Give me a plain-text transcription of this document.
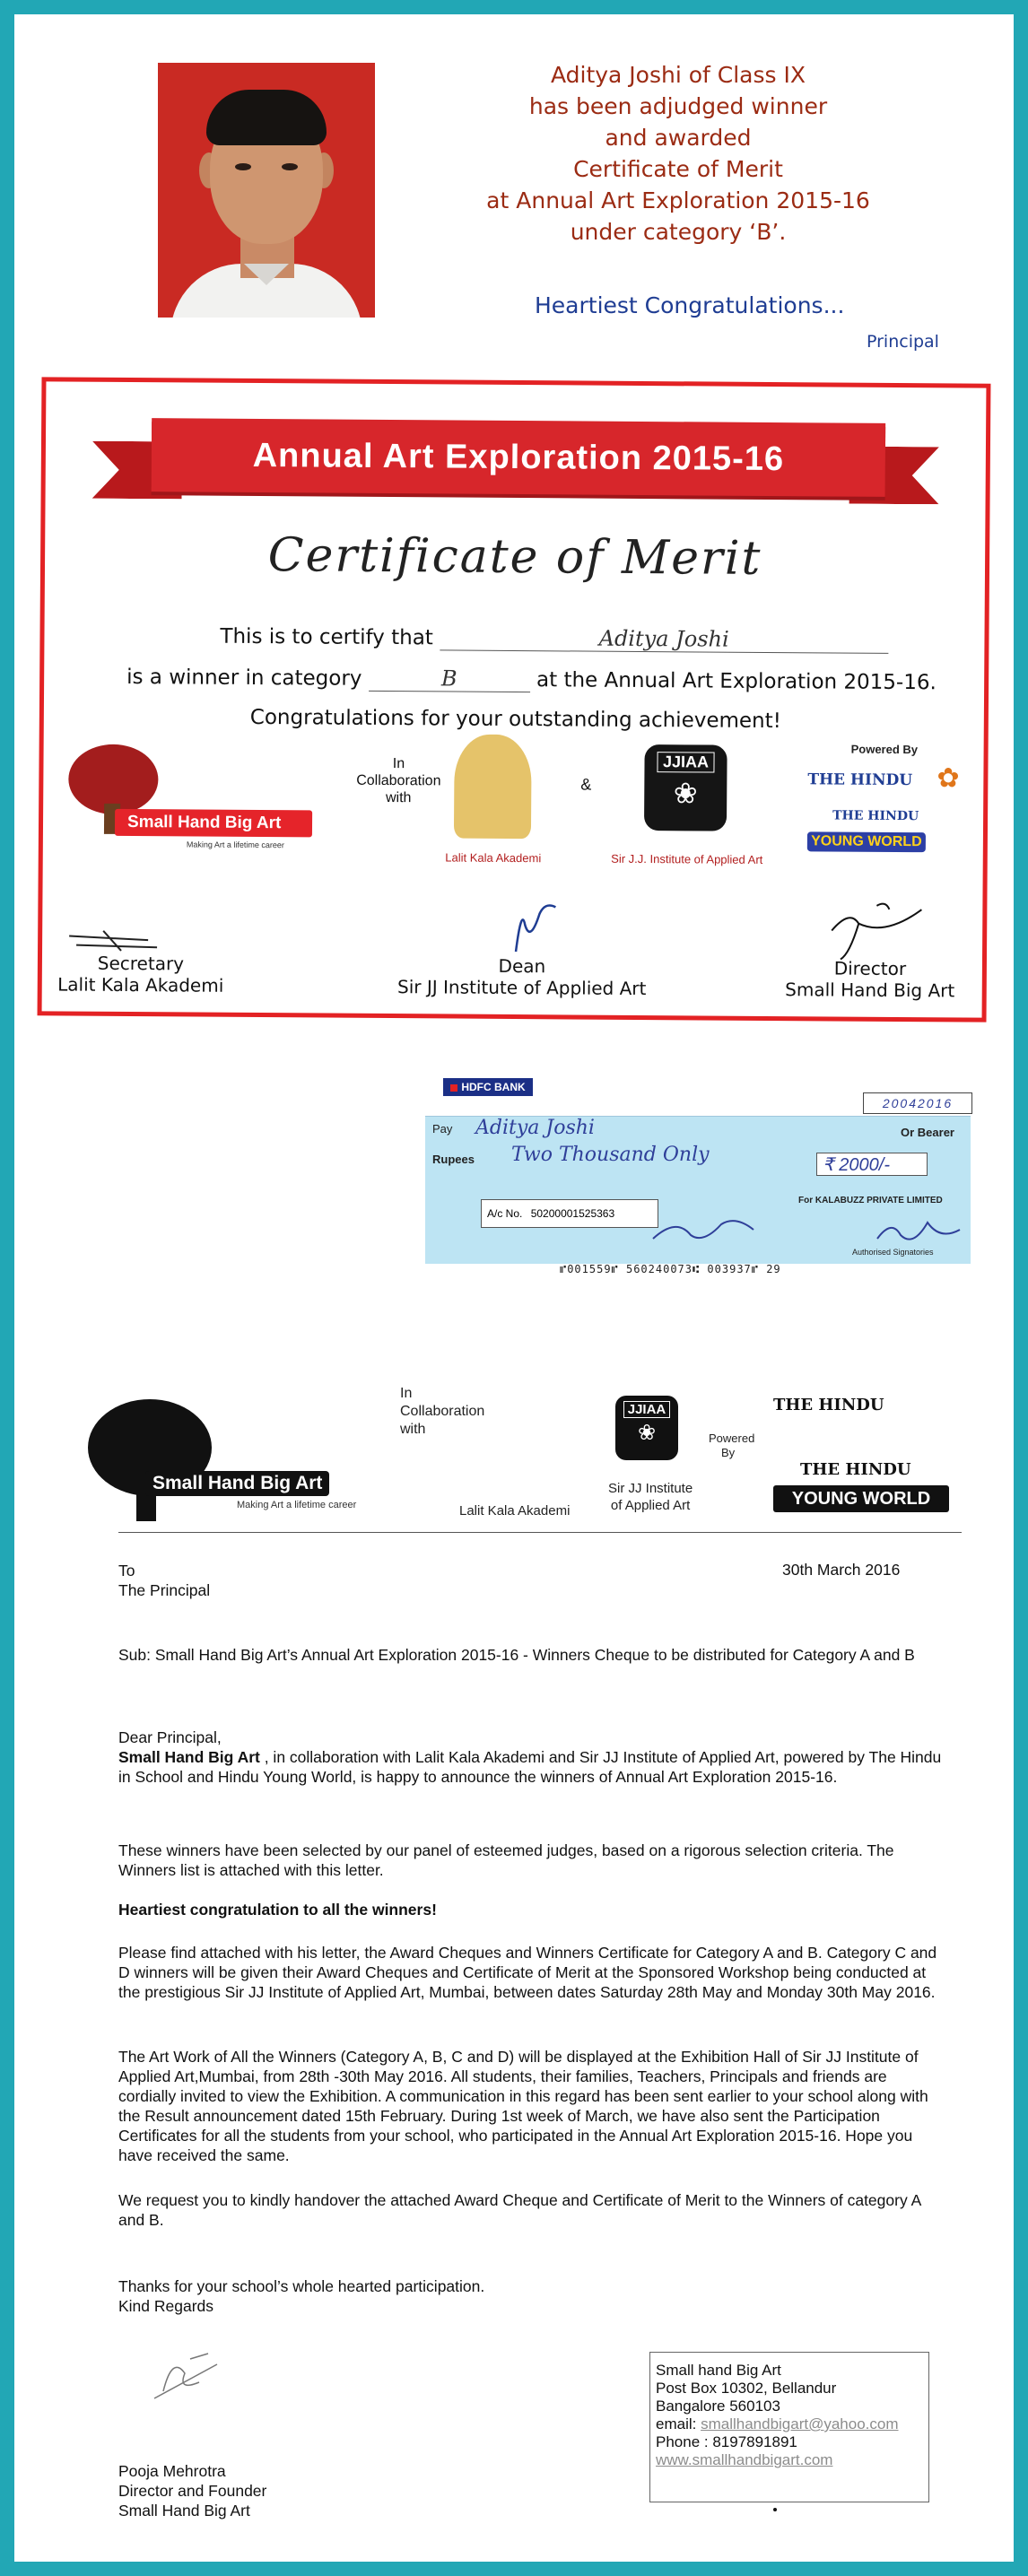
Aditya Joshi of Class IX
has been adjudged winner
and awarded
Certificate of Merit
at Annual Art Exploration 2015-16
under category ‘B’.
Heartiest Congratulations...
Principal
Annual Art Exploration 2015-16
Certificate of Merit
This is to certify that	Aditya Joshi
is a winner in category	B	at the Annual Art Exploration 2015-16.
Congratulations for your outstanding achievement!
Small Hand Big Art
Making Art a lifetime career
In
Collaboration
with
Lalit Kala Akademi
&
JJIAA
❀
Sir J.J. Institute of Applied Art
Powered By
THE HINDU
THE HINDU
YOUNG WORLD
✿
Secretary
Lalit Kala Akademi
Dean
Sir JJ Institute of Applied Art
Director
Small Hand Big Art
HDFC BANK
20042016
Pay Aditya Joshi	Or Bearer
Rupees Two Thousand Only	₹ 2000/-
A/c No. 50200001525363
For KALABUZZ PRIVATE LIMITED
Authorised Signatories
⑈001559⑈ 560240073⑆ 003937⑈ 29
Small Hand Big Art
Making Art a lifetime career
In
Collaboration
with
Lalit Kala Akademi
JJIAA
❀
Sir JJ Institute
of Applied Art
Powered
By
THE HINDU
THE HINDU
YOUNG WORLD
To
The Principal
30th March 2016
Sub: Small Hand Big Art’s Annual Art Exploration 2015-16 - Winners Cheque to be distributed for Category A and B
Dear Principal,
Small Hand Big Art , in collaboration with Lalit Kala Akademi and Sir JJ Institute of Applied Art, powered by The Hindu in School and Hindu Young World, is happy to announce the winners of Annual Art Exploration 2015-16.
These winners have been selected by our panel of esteemed judges, based on a rigorous selection criteria. The Winners list is attached with this letter.
Heartiest congratulation to all the winners!
Please find attached with his letter, the Award Cheques and Winners Certificate for Category A and B. Category C and D winners will be given their Award Cheques and Certificate of Merit at the Sponsored Workshop being conducted at the prestigious Sir JJ Institute of Applied Art, Mumbai, between dates Saturday 28th May and Monday 30th May 2016.
The Art Work of All the Winners (Category A, B, C and D) will be displayed at the Exhibition Hall of Sir JJ Institute of Applied Art,Mumbai, from 28th -30th May 2016. All students, their families, Teachers, Principals and friends are cordially invited to view the Exhibition. A communication in this regard has been sent earlier to your school along with the Result announcement dated 15th February. During 1st week of March, we have also sent the Participation Certificates for all the students from your school, who participated in the Annual Art Exploration 2015-16. Hope you have received the same.
We request you to kindly handover the attached Award Cheque and Certificate of Merit to the Winners of category A and B.
Thanks for your school’s whole hearted participation.
Kind Regards
Pooja Mehrotra
Director and Founder
Small Hand Big Art
Small hand Big Art
Post Box 10302, Bellandur
Bangalore 560103
email: smallhandbigart@yahoo.com
Phone : 8197891891
www.smallhandbigart.com
